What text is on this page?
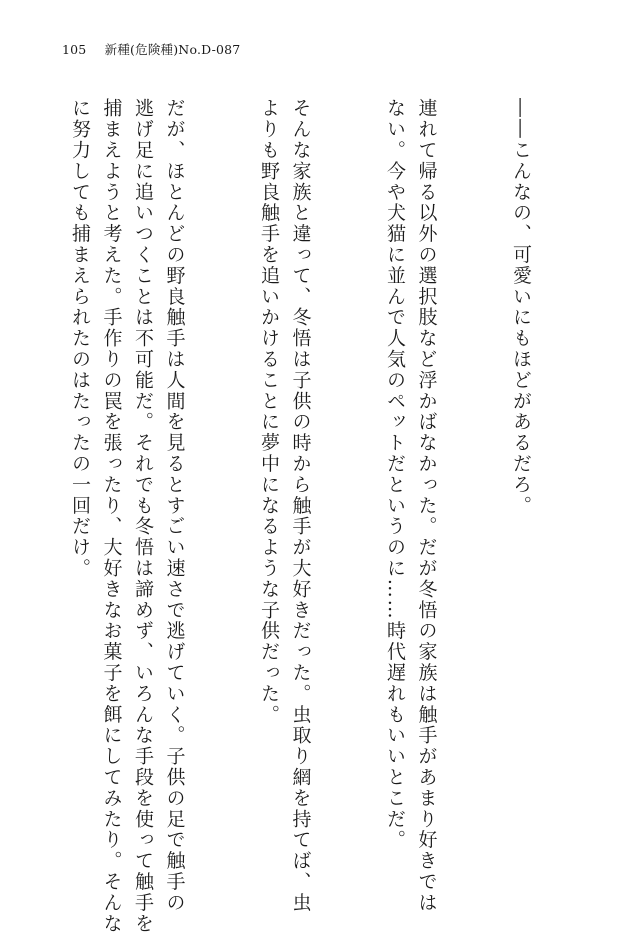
105 新種(危険種)No.D-087

――こんなの、可愛いにもほどがあるだろ。

連れて帰る以外の選択肢など浮かばなかった。だが冬悟の家族は触手があまり好きでは
ない。今や犬猫に並んで人気のペットだというのに……時代遅れもいいとこだ。

そんな家族と違って、冬悟は子供の時から触手が大好きだった。虫取り網を持てば、虫
よりも野良触手を追いかけることに夢中になるような子供だった。

だが、ほとんどの野良触手は人間を見るとすごい速さで逃げていく。子供の足で触手の
逃げ足に追いつくことは不可能だ。それでも冬悟は諦めず、いろんな手段を使って触手を
捕まえようと考えた。手作りの罠を張ったり、大好きなお菓子を餌にしてみたり。そんな
に努力しても捕まえられたのはたったの一回だけ。
